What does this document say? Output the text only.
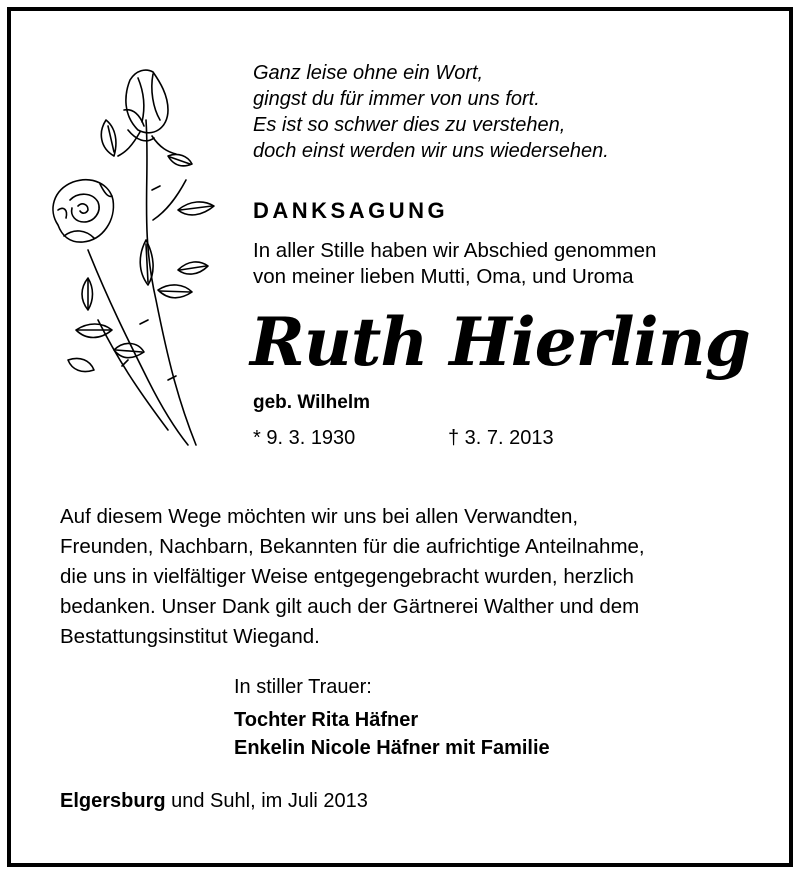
Ganz leise ohne ein Wort,
gingst du für immer von uns fort.
Es ist so schwer dies zu verstehen,
doch einst werden wir uns wiedersehen.
DANKSAGUNG
In aller Stille haben wir Abschied genommen
von meiner lieben Mutti, Oma, und Uroma
Ruth Hierling
geb. Wilhelm
* 9. 3. 1930	† 3. 7. 2013
Auf diesem Wege möchten wir uns bei allen Verwandten,
Freunden, Nachbarn, Bekannten für die aufrichtige Anteilnahme,
die uns in vielfältiger Weise entgegengebracht wurden, herzlich
bedanken. Unser Dank gilt auch der Gärtnerei Walther und dem
Bestattungsinstitut Wiegand.
In stiller Trauer:
Tochter Rita Häfner
Enkelin Nicole Häfner mit Familie
Elgersburg und Suhl, im Juli 2013
